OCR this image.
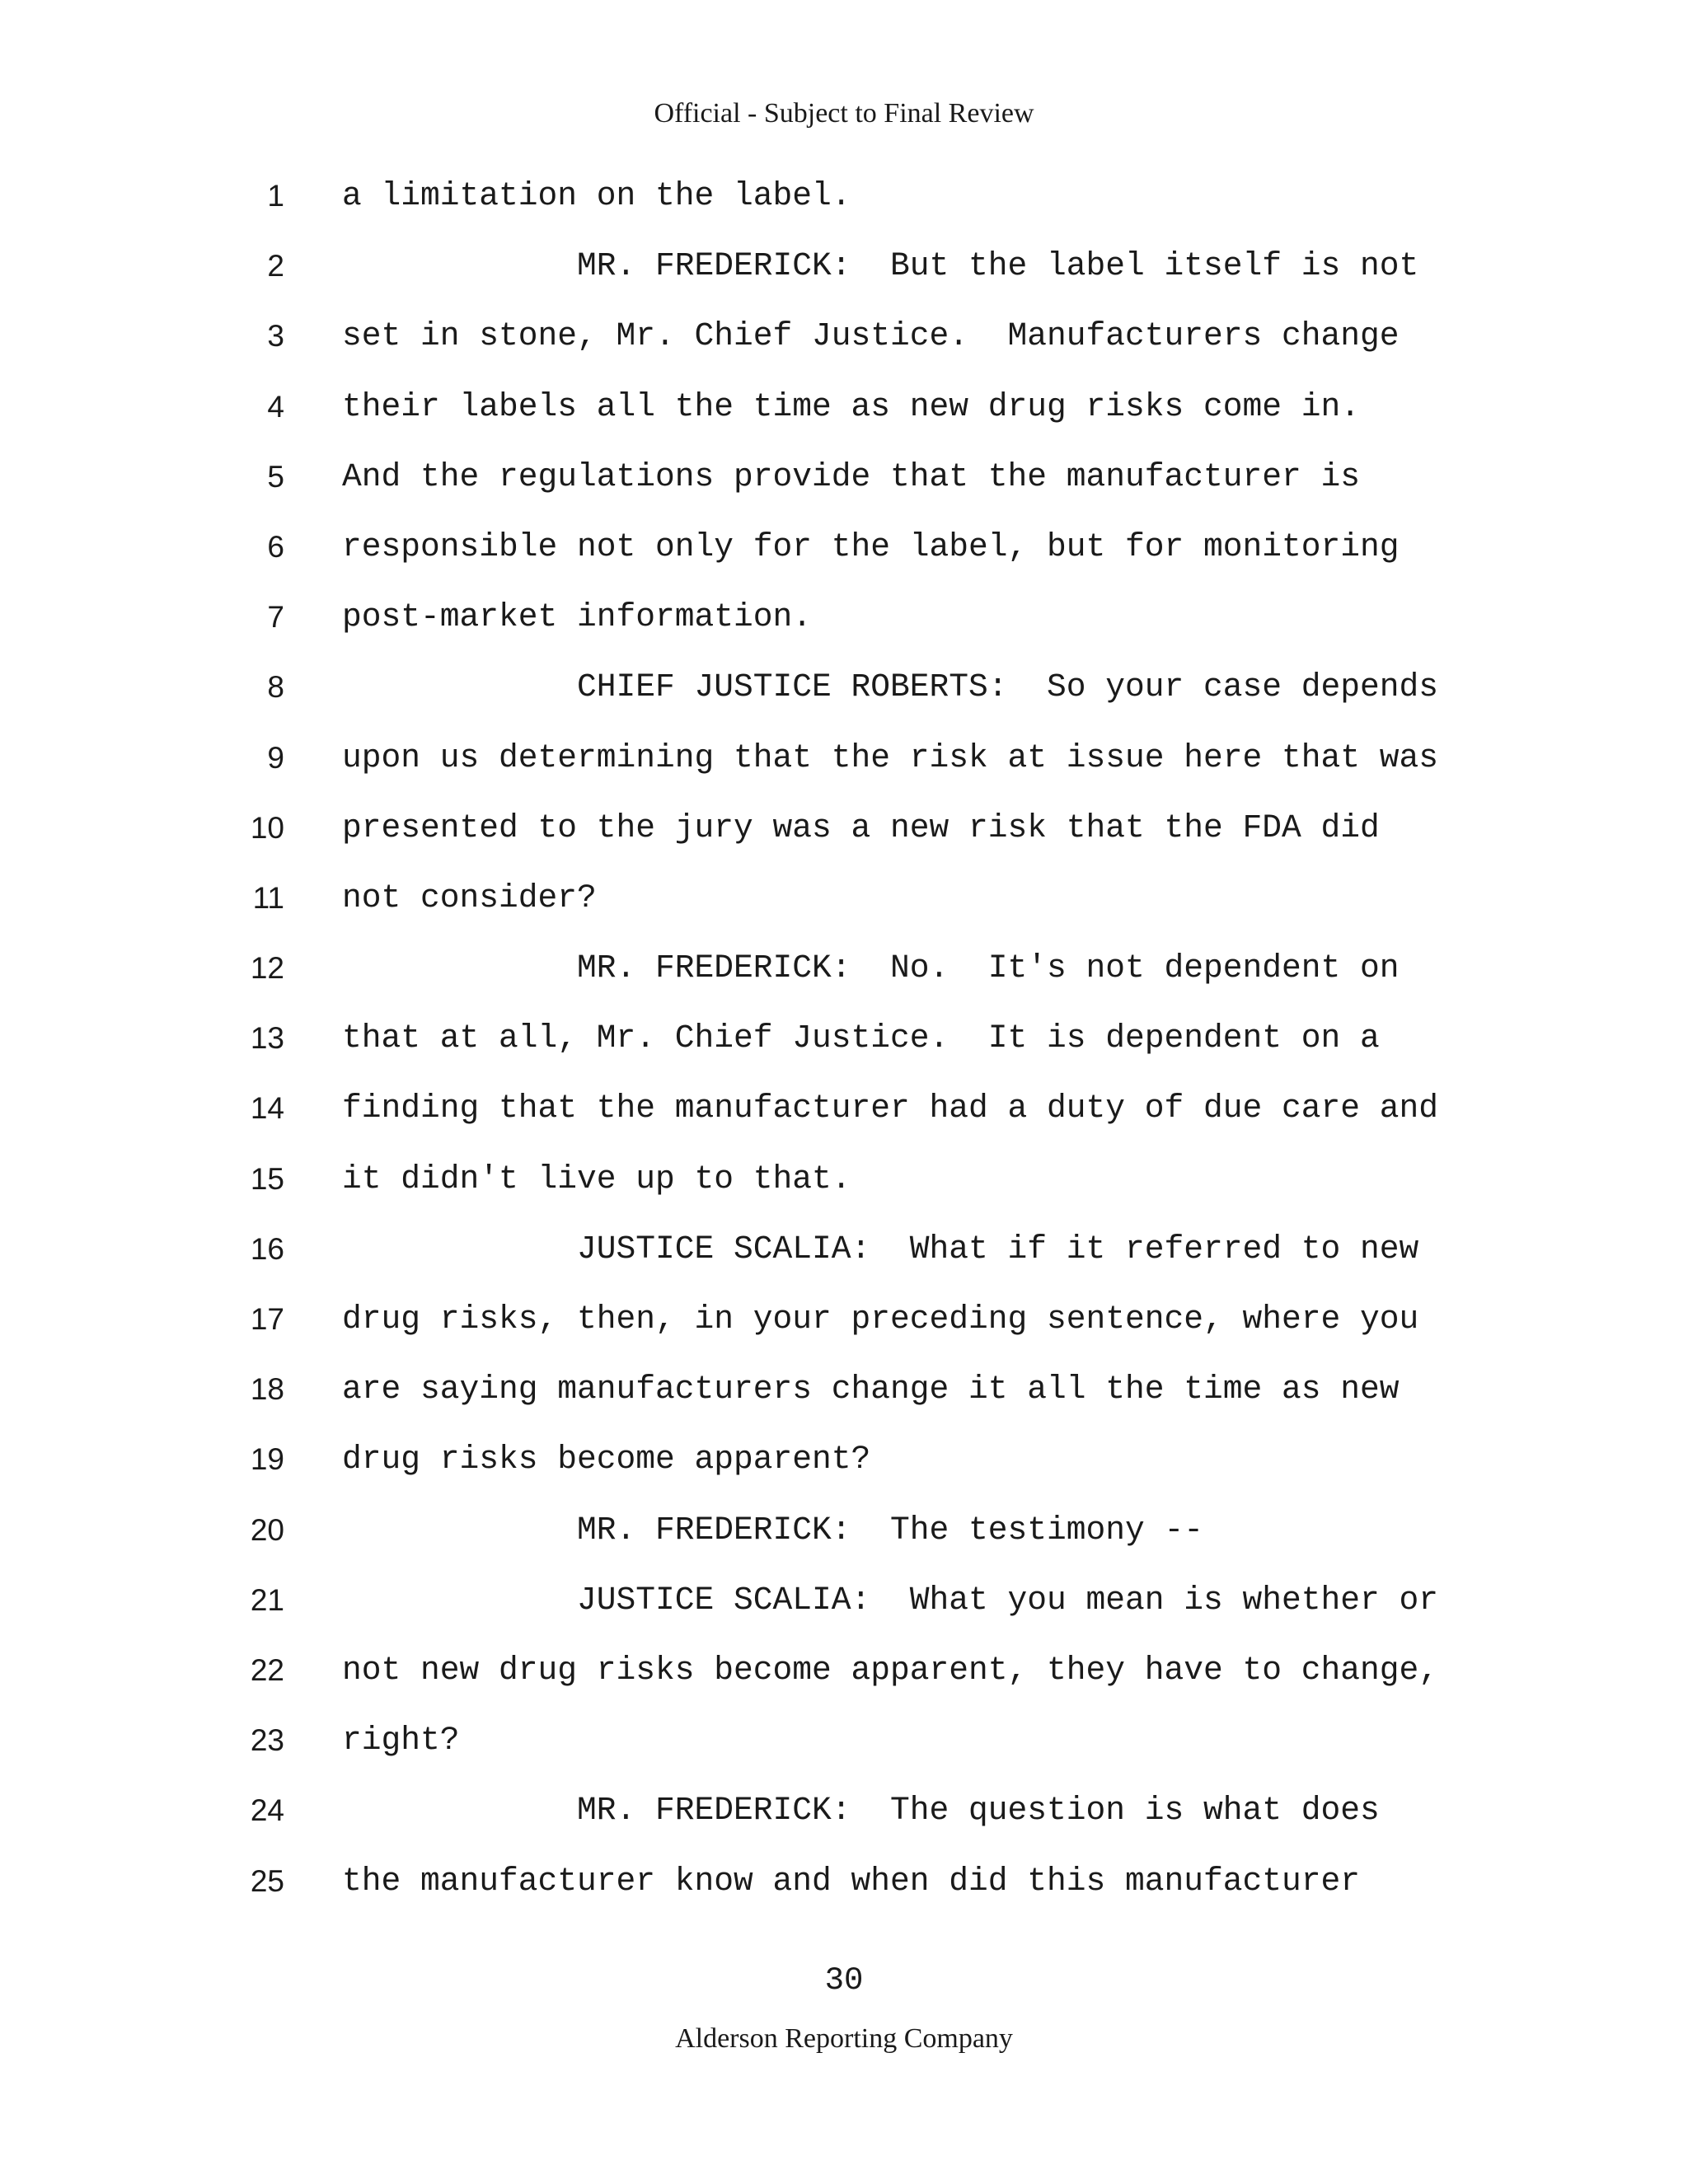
Official - Subject to Final Review
1 a limitation on the label.
2	MR. FREDERICK:  But the label itself is not
3 set in stone, Mr. Chief Justice.  Manufacturers change
4 their labels all the time as new drug risks come in.
5 And the regulations provide that the manufacturer is
6 responsible not only for the label, but for monitoring
7 post-market information.
8	CHIEF JUSTICE ROBERTS:  So your case depends
9 upon us determining that the risk at issue here that was
10 presented to the jury was a new risk that the FDA did
11 not consider?
12	MR. FREDERICK:  No.  It's not dependent on
13 that at all, Mr. Chief Justice.  It is dependent on a
14 finding that the manufacturer had a duty of due care and
15 it didn't live up to that.
16	JUSTICE SCALIA:  What if it referred to new
17 drug risks, then, in your preceding sentence, where you
18 are saying manufacturers change it all the time as new
19 drug risks become apparent?
20	MR. FREDERICK:  The testimony --
21	JUSTICE SCALIA:  What you mean is whether or
22 not new drug risks become apparent, they have to change,
23 right?
24	MR. FREDERICK:  The question is what does
25 the manufacturer know and when did this manufacturer
30
Alderson Reporting Company
